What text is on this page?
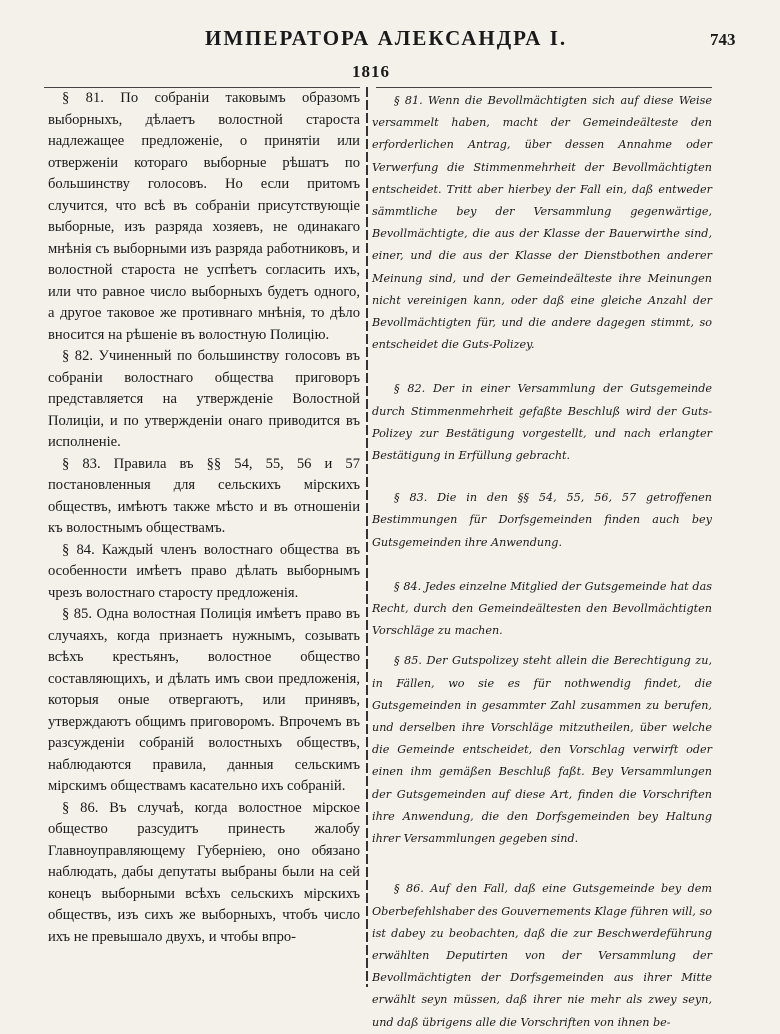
ИМПЕРАТОРА АЛЕКСАНДРА I.	743
1816

§ 81. По собраніи таковымъ образомъ выборныхъ, дѣлаетъ волостной староста надлежащее предложеніе, о принятіи или отверженіи котораго выборные рѣшатъ по большинству голосовъ. Но если притомъ случится, что всѣ въ собраніи присутствующіе выборные, изъ разряда хозяевъ, не одинакаго мнѣнія съ выборными изъ разряда работниковъ, и волостной староста не успѣетъ согласить ихъ, или что равное число выборныхъ будетъ одного, а другое таковое же противнаго мнѣнія, то дѣло вносится на рѣшеніе въ волостную Полицію.

§ 82. Учиненный по большинству голосовъ въ собраніи волостнаго общества приговоръ представляется на утвержденіе Волостной Полиціи, и по утвержденіи онаго приводится въ исполненіе.

§ 83. Правила въ §§ 54, 55, 56 и 57 постановленныя для сельскихъ мірскихъ обществъ, имѣютъ также мѣсто и въ отношеніи къ волостнымъ обществамъ.

§ 84. Каждый членъ волостнаго общества въ особенности имѣетъ право дѣлать выборнымъ чрезъ волостнаго старосту предложенія.

§ 85. Одна волостная Полиція имѣетъ право въ случаяхъ, когда признаетъ нужнымъ, созывать всѣхъ крестьянъ, волостное общество составляющихъ, и дѣлать имъ свои предложенія, которыя оные отвергаютъ, или принявъ, утверждаютъ общимъ приговоромъ. Впрочемъ въ разсужденіи собраній волостныхъ обществъ, наблюдаются правила, данныя сельскимъ мірскимъ обществамъ касательно ихъ собраній.

§ 86. Въ случаѣ, когда волостное мірское общество разсудитъ принесть жалобу Главноуправляющему Губерніею, оно обязано наблюдать, дабы депутаты выбраны были на сей конецъ выборными всѣхъ сельскихъ мірскихъ обществъ, изъ сихъ же выборныхъ, чтобъ число ихъ не превышало двухъ, и чтобы впро-

§ 81. Wenn die Bevollmächtigten sich auf diese Weise versammelt haben, macht der Gemeindeälteste den erforderlichen Antrag, über dessen Annahme oder Verwerfung die Stimmenmehrheit der Bevollmächtigten entscheidet. Tritt aber hierbey der Fall ein, daß entweder sämmtliche bey der Versammlung gegenwärtige, Bevollmächtigte, die aus der Klasse der Bauerwirthe sind, einer, und die aus der Klasse der Dienstbothen anderer Meinung sind, und der Gemeindeälteste ihre Meinungen nicht vereinigen kann, oder daß eine gleiche Anzahl der Bevollmächtigten für, und die andere dagegen stimmt, so entscheidet die Guts-Polizey.

§ 82. Der in einer Versammlung der Gutsgemeinde durch Stimmenmehrheit gefaßte Beschluß wird der Guts-Polizey zur Bestätigung vorgestellt, und nach erlangter Bestätigung in Erfüllung gebracht.

§ 83. Die in den §§ 54, 55, 56, 57 getroffenen Bestimmungen für Dorfsgemeinden finden auch bey Gutsgemeinden ihre Anwendung.

§ 84. Jedes einzelne Mitglied der Gutsgemeinde hat das Recht, durch den Gemeindeältesten den Bevollmächtigten Vorschläge zu machen.

§ 85. Der Gutspolizey steht allein die Berechtigung zu, in Fällen, wo sie es für nothwendig findet, die Gutsgemeinden in gesammter Zahl zusammen zu berufen, und derselben ihre Vorschläge mitzutheilen, über welche die Gemeinde entscheidet, den Vorschlag verwirft oder einen ihm gemäßen Beschluß faßt. Bey Versammlungen der Gutsgemeinden auf diese Art, finden die Vorschriften ihre Anwendung, die den Dorfsgemeinden bey Haltung ihrer Versammlungen gegeben sind.

§ 86. Auf den Fall, daß eine Gutsgemeinde bey dem Oberbefehlshaber des Gouvernements Klage führen will, so ist dabey zu beobachten, daß die zur Beschwerdeführung erwählten Deputirten von der Versammlung der Bevollmächtigten der Dorfsgemeinden aus ihrer Mitte erwählt seyn müssen, daß ihrer nie mehr als zwey seyn, und daß übrigens alle die Vorschriften von ihnen be-
